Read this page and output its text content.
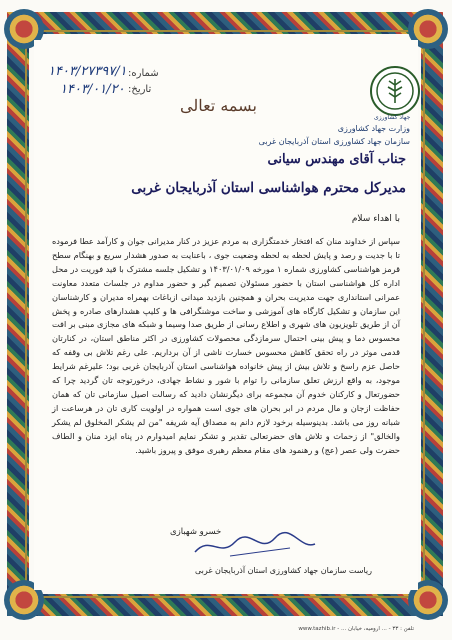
شماره:
۱۴۰۳/۲۷۳۹۷/۱
تاریخ:
۱۴۰۳/۰۱/۲۰
بسمه تعالی
جهاد کشاورزی
وزارت جهاد کشاورزی
سازمان جهاد کشاورزی استان آذربایجان غربی
جناب آقای مهندس سیانی
مدیرکل محترم هواشناسی استان آذربایجان غربی
با اهداء سلام

سپاس از خداوند منان که افتخار خدمتگزاری به مردم عزیز در کنار مدیرانی جوان و کارآمد عطا فرموده تا با جدیت و رصد و پایش لحظه به لحظه وضعیت جوی ، باعنایت به صدور هشدار سریع و بهنگام سطح قرمز هواشناسی کشاورزی شماره ۱ مورخه ۱۴۰۳/۰۱/۰۹ و تشکیل جلسه مشترک با قید فوریت در محل اداره کل هواشناسی استان با حضور مسئولان تصمیم گیر و حضور مداوم در جلسات متعدد معاونت عمرانی استانداری جهت مدیریت بحران و همچنین بازدید میدانی ازباغات بهمراه مدیران و کارشناسان این سازمان و تشکیل کارگاه های آموزشی و ساخت موشنگرافی ها و کلیپ هشدارهای صادره و پخش آن از طریق تلویزیون های شهری و اطلاع رسانی از طریق صدا وسیما و شبکه های مجازی مبنی بر افت محسوس دما و پیش بینی احتمال سرمازدگی محصولات کشاورزی در اکثر مناطق استان، در کنارتان قدمی موثر در راه تحقق کاهش محسوس خسارت ناشی از آن برداریم. علی رغم تلاش بی وقفه که حاصل عزم راسخ و تلاش بیش از پیش خانواده هواشناسی استان آذربایجان غربی بود؛ علیرغم شرایط موجود، به واقع ارزش تعلق سازمانی را توام با شور و نشاط جهادی، درخورتوجه تان گردید چرا که حضورتعال و کارکنان خدوم آن مجموعه برای دیگرنشان دادید که رسالت اصیل سازمانی تان که همان حفاظت ازجان و مال مردم در ابر بحران های جوی است همواره در اولویت کاری تان در هرساعت از شبانه روز می باشد. بدینوسیله برخود لازم دانم به مصداق آیه شریفه "من لم یشکر المخلوق لم یشکر والخالق" از زحمات و تلاش های حضرتعالی تقدیر و تشکر نمایم امیدوارم در پناه ایزد منان و الطاف حضرت ولی عصر (عج) و رهنمود های مقام معظم رهبری موفق و پیروز باشید.

خسرو شهبازی
ریاست سازمان جهاد کشاورزی استان آذربایجان غربی
تلفن : ۳۳ - ... ارومیه، خیابان ... - www.tazhib.ir
